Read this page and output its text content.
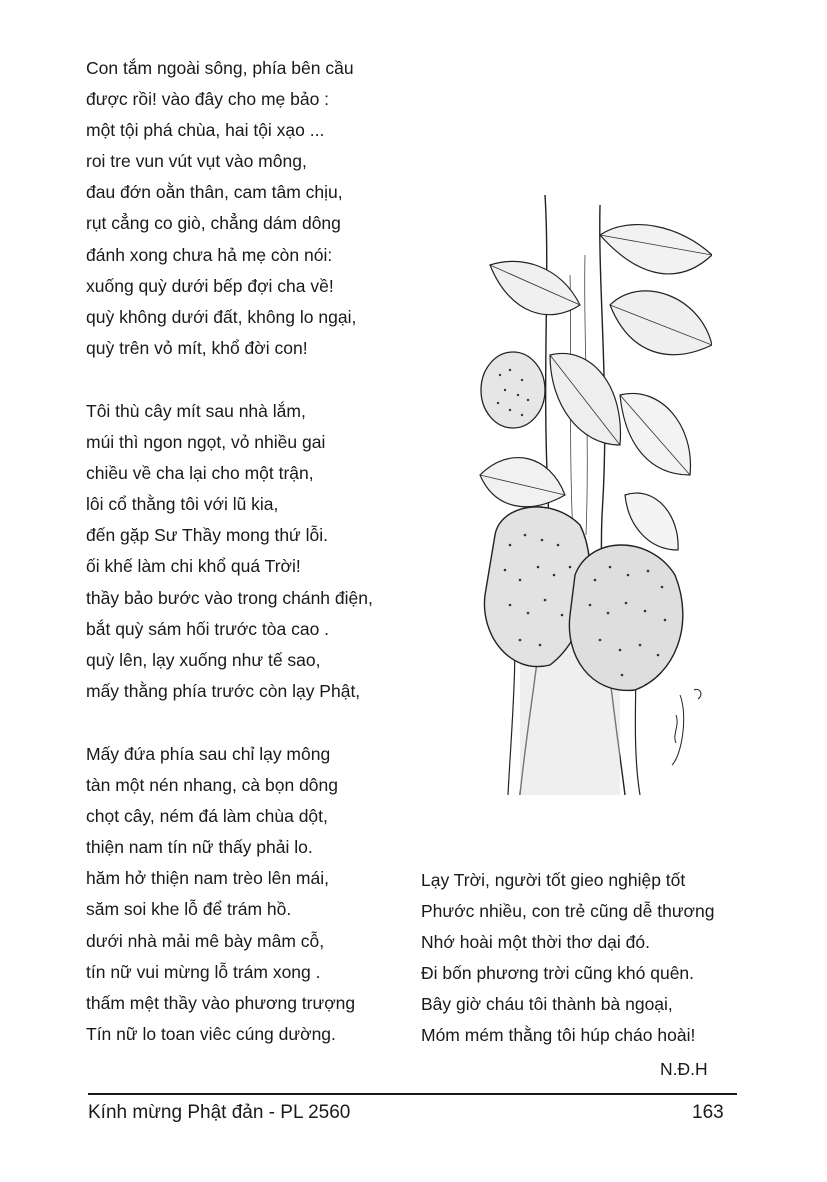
Con tắm ngoài sông, phía bên cầu
được rồi! vào đây cho mẹ bảo :
một tội phá chùa, hai tội xạo ...
roi tre vun vút vụt vào mông,
đau đớn oằn thân, cam tâm chịu,
rụt cẳng co giò, chẳng dám dông
đánh xong chưa hả mẹ còn nói:
xuống quỳ dưới bếp đợi cha về!
quỳ không dưới đất, không lo ngại,
quỳ trên vỏ mít, khổ đời con!
Tôi thù cây mít sau nhà lắm,
múi thì ngon ngọt, vỏ nhiều gai
chiều về cha lại cho một trận,
lôi cổ thằng tôi với lũ kia,
đến gặp Sư Thầy mong thứ lỗi.
ối khế làm chi khổ quá Trời!
thầy bảo bước vào trong chánh điện,
bắt quỳ sám hối trước tòa cao .
quỳ lên, lạy xuống như tế sao,
mấy thằng phía trước còn lạy Phật,
Mấy đứa phía sau chỉ lạy mông
tàn một nén nhang, cà bọn dông
chọt cây, ném đá làm chùa dột,
thiện nam tín nữ thấy phải lo.
hăm hở thiện nam trèo lên mái,
săm soi khe lỗ để trám hồ.
dưới nhà mải mê bày mâm cỗ,
tín nữ vui mừng lỗ trám xong .
thấm mệt thầy vào phương trượng
Tín nữ lo toan viêc cúng dường.
Lạy Trời, người tốt gieo nghiệp tốt
Phước nhiều, con trẻ cũng dễ thương
Nhớ hoài một thời thơ dại đó.
Đi bốn phương trời cũng khó quên.
Bây giờ cháu tôi thành bà ngoại,
Móm mém thằng tôi húp cháo hoài!
N.Đ.H
Kính mừng Phật đản - PL 2560	163
